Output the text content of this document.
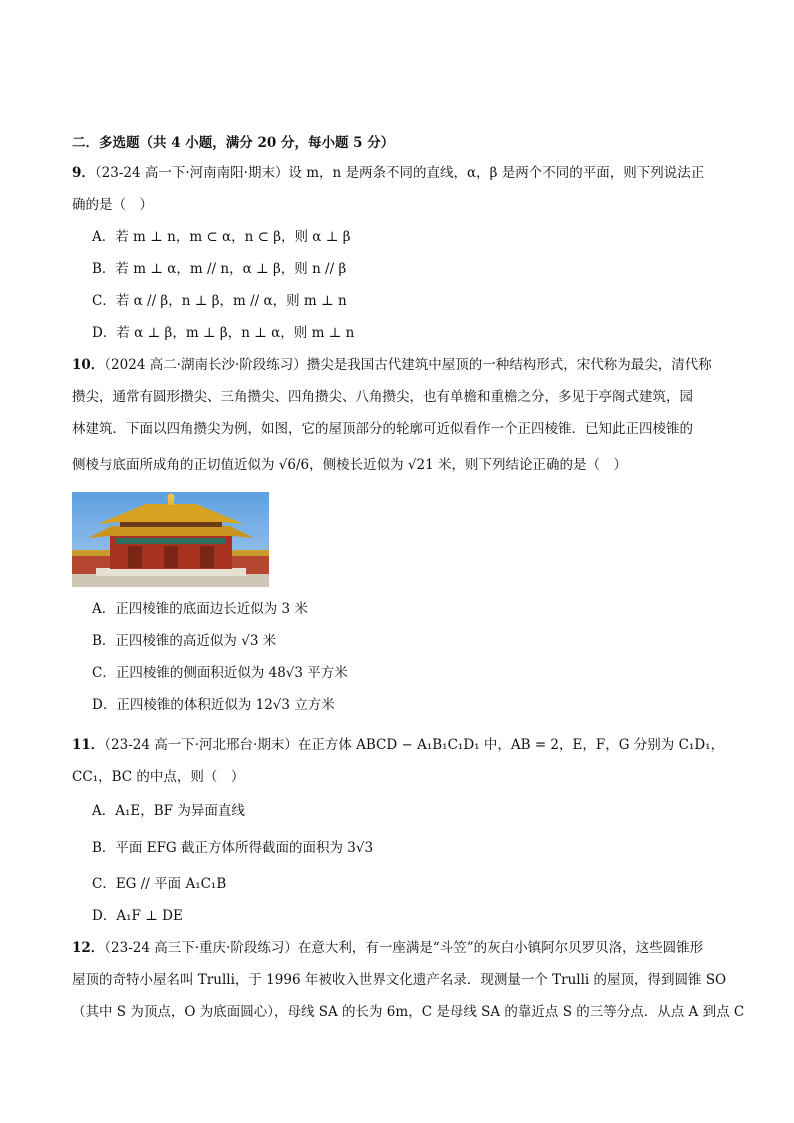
二．多选题（共 4 小题，满分 20 分，每小题 5 分）
9．（23-24 高一下·河南南阳·期末）设 m，n 是两条不同的直线，α，β 是两个不同的平面，则下列说法正
确的是（　）
A．若 m ⊥ n，m ⊂ α，n ⊂ β，则 α ⊥ β
B．若 m ⊥ α，m // n，α ⊥ β，则 n // β
C．若 α // β，n ⊥ β，m // α，则 m ⊥ n
D．若 α ⊥ β，m ⊥ β，n ⊥ α，则 m ⊥ n
10．（2024 高二·湖南长沙·阶段练习）攒尖是我国古代建筑中屋顶的一种结构形式，宋代称为最尖，清代称
攒尖，通常有圆形攒尖、三角攒尖、四角攒尖、八角攒尖，也有单檐和重檐之分，多见于亭阁式建筑，园
林建筑．下面以四角攒尖为例，如图，它的屋顶部分的轮廓可近似看作一个正四棱锥．已知此正四棱锥的
侧棱与底面所成角的正切值近似为 √6/6，侧棱长近似为 √21 米，则下列结论正确的是（　）
A．正四棱锥的底面边长近似为 3 米
B．正四棱锥的高近似为 √3 米
C．正四棱锥的侧面积近似为 48√3 平方米
D．正四棱锥的体积近似为 12√3 立方米
11．（23-24 高一下·河北邢台·期末）在正方体 ABCD − A₁B₁C₁D₁ 中，AB = 2，E，F，G 分别为 C₁D₁，
CC₁，BC 的中点，则（　）
A．A₁E，BF 为异面直线
B．平面 EFG 截正方体所得截面的面积为 3√3
C．EG // 平面 A₁C₁B
D．A₁F ⊥ DE
12．（23-24 高三下·重庆·阶段练习）在意大利，有一座满是“斗笠”的灰白小镇阿尔贝罗贝洛，这些圆锥形
屋顶的奇特小屋名叫 Trulli，于 1996 年被收入世界文化遗产名录．现测量一个 Trulli 的屋顶，得到圆锥 SO
（其中 S 为顶点，O 为底面圆心），母线 SA 的长为 6m，C 是母线 SA 的靠近点 S 的三等分点．从点 A 到点 C
